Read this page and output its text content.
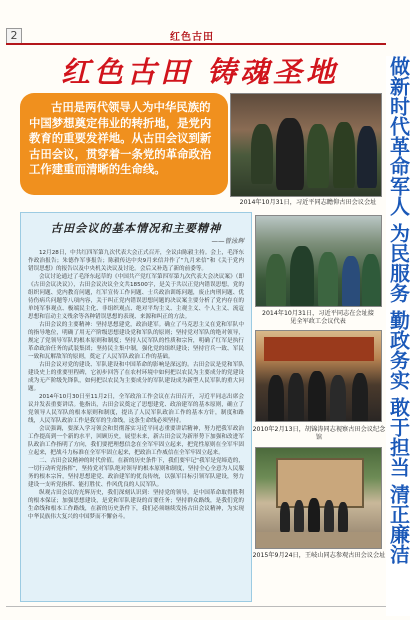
2	红色古田
红色古田 铸魂圣地
古田是两代领导人为中华民族的中国梦想奠定伟业的转折地，是党内教育的重要发祥地。从古田会议到新古田会议，贯穿着一条党的革命政治工作建重而清晰的生命线。
2014年10月31日，习近平同志瞻仰古田会议会址
2014年10月31日，习近平同志在会址接见全军政工会议代表
2010年2月13日，胡锦涛同志视察古田会议纪念馆
2015年9月24日，王岐山同志参观古田会议会址 做新时代革命军人 为民服务 勤政务实 敢于担当 清正廉洁
古田会议的基本情况和主要精神
——曾泳辉

12月28日，中共红四军第九次代表大会正式召开，全议由陈毅主持。会上，毛泽东作政治报告；朱德作军事报告；陈毅传达中央9月来信并作了“九月来信”和《关于党内错误思想》的报告以及中央机关决议及讨论。会后又补选了新的前委等。

会议讨论通过了毛泽东起草的《中国共产党红军第四军第九次代表大会决议案》（即《古田会议决议》），古田会议决议全文共18500字，是关于共以正党内错误思想，党的组织问题、党内教育问题，红军宣传工作问题、士兵政治训练问题，废止肉刑问题、优待伤病兵问题等八项内容，关于纠正党内错误思想问题的决议案主要分析了党内存在的单纯军事观点、极端民主化、非组织观点、绝对平均主义、主观主义、个人主义、流寇思想和盲动主义残余等各种错误思想的表现、来源和纠正的方法。

古田会议的主要精神：坚持思想建党，政治建军。确立了马克思主义在党和军队中的指导地位，明确了用无产阶级思想建设党和军队的原则；坚持党对军队的绝对领导，规定了党领导军队的根本原则和制度；坚持人民军队的性质和宗旨，明确了红军是执行革命政治任务的武装集团；坚持民主集中制，强化党的组织建设；坚持官兵一致、军民一致和瓦解敌军的原则，奠定了人民军队政治工作的基础。

古田会议对党的建设、军队建设和中国革命的影响是深远的。古田会议是党和军队建设史上的重要里程碑，它初步回答了在农村环境中如何把以农民为主要成分的党建设成为无产阶级先锋队，如何把以农民为主要成分的军队建设成为新型人民军队的重大问题。

2014年10月30日至11月2日，全军政治工作会议在古田召开，习近平同志出席会议并发表重要讲话。他指出，古田会议奠定了思想建党、政治建军的基本原则，确立了党领导人民军队的根本原则和制度，提出了人民军队政治工作的基本方针，制度和路线，人民军队政治工作是我军的生命线，这条生命线必须坚持。

会议强调，要深入学习领会和贯彻落实习近平同志重要讲话精神，努力把我军政治工作提高到一个新的水平，回顾历史，展望未来，新古田会议为新形势下加强和改进军队政治工作指明了方向，我们要把理想信念在全军牢固立起来，把党性原则在全军牢固立起来，把战斗力标准在全军牢固立起来，把政治工作威信在全军牢固立起来。

二、古田会议精神的时代价值。在新的历史条件下，我们要牢记“我军是党缔造的，一切行动听党指挥”，坚持党对军队绝对领导的根本原则和制度，坚持全心全意为人民服务的根本宗旨，坚持思想建党、政治建军的优良传统，以强军目标引领军队建设，努力建设一支听党指挥、能打胜仗、作风优良的人民军队。

纵观古田会议的光辉历史，我们深刻认识到：坚持党的领导，是中国革命取得胜利的根本保证；加强思想建设，是党和军队建设的首要任务；坚持群众路线，是我们党的生命线和根本工作路线，在新的历史条件下，我们必须继续发扬古田会议精神，为实现中华民族伟大复兴的中国梦而不懈奋斗。
